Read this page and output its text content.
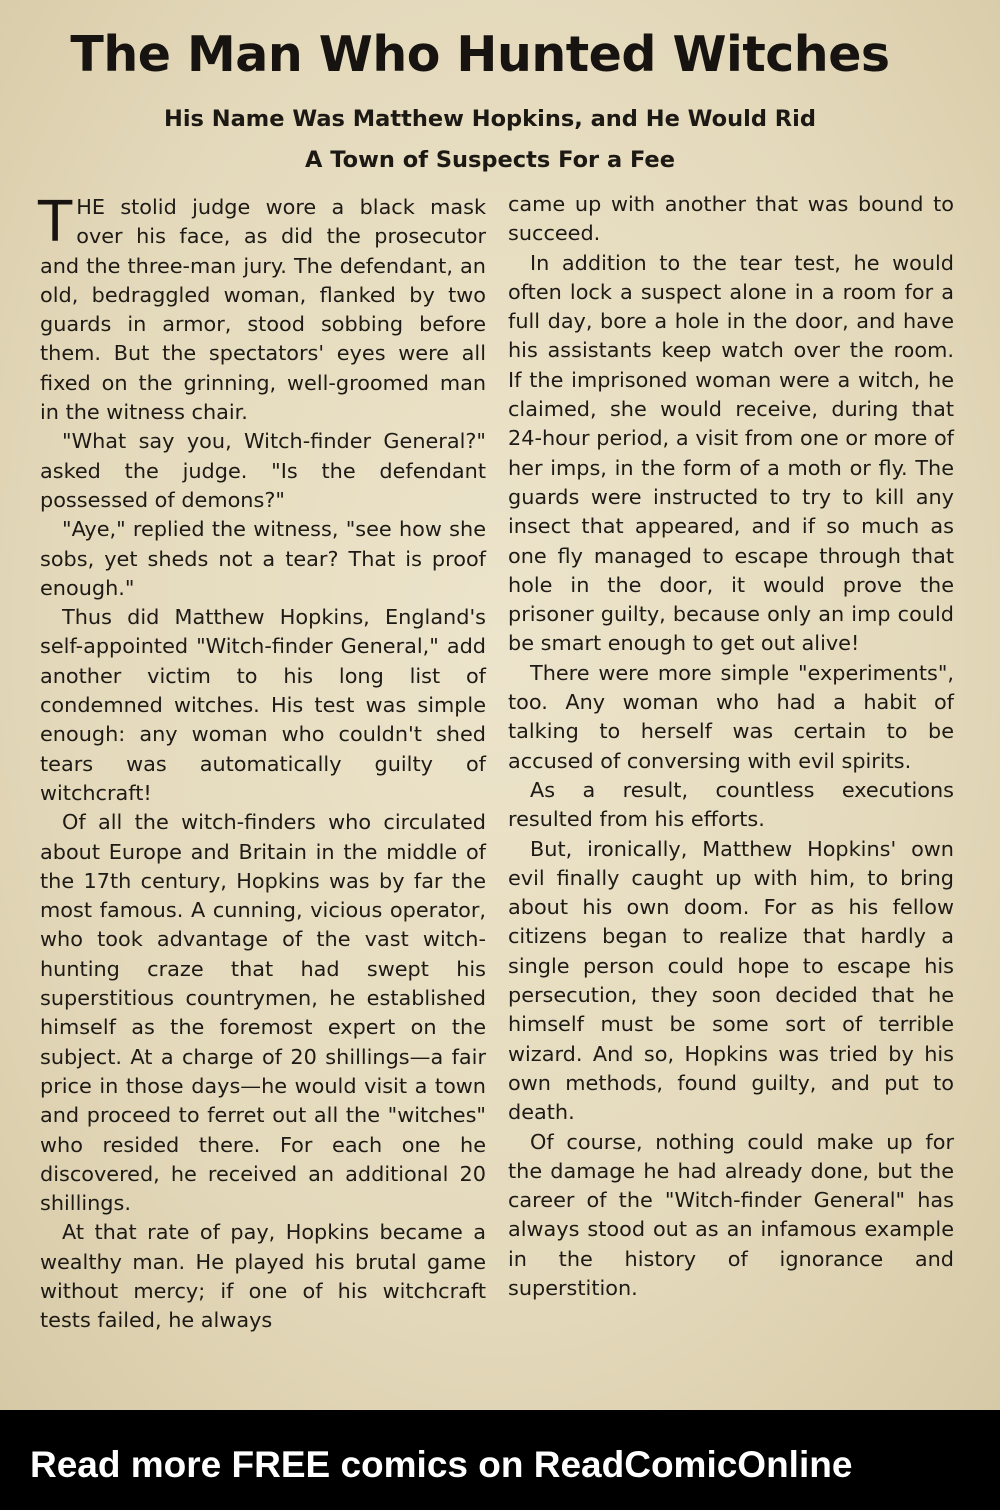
The Man Who Hunted Witches
His Name Was Matthew Hopkins, and He Would Rid
A Town of Suspects For a Fee

THE stolid judge wore a black mask over his face, as did the prosecutor and the three-man jury. The defendant, an old, bedraggled woman, flanked by two guards in armor, stood sobbing before them. But the spectators' eyes were all fixed on the grinning, well-groomed man in the witness chair.

"What say you, Witch-finder General?" asked the judge. "Is the defendant possessed of demons?"

"Aye," replied the witness, "see how she sobs, yet sheds not a tear? That is proof enough."

Thus did Matthew Hopkins, England's self-appointed "Witch-finder General," add another victim to his long list of condemned witches. His test was simple enough: any woman who couldn't shed tears was automatically guilty of witchcraft!

Of all the witch-finders who circulated about Europe and Britain in the middle of the 17th century, Hopkins was by far the most famous. A cunning, vicious operator, who took advantage of the vast witch-hunting craze that had swept his superstitious countrymen, he established himself as the foremost expert on the subject. At a charge of 20 shillings—a fair price in those days—he would visit a town and proceed to ferret out all the "witches" who resided there. For each one he discovered, he received an additional 20 shillings.

At that rate of pay, Hopkins became a wealthy man. He played his brutal game without mercy; if one of his witchcraft tests failed, he always

came up with another that was bound to succeed.

In addition to the tear test, he would often lock a suspect alone in a room for a full day, bore a hole in the door, and have his assistants keep watch over the room. If the imprisoned woman were a witch, he claimed, she would receive, during that 24-hour period, a visit from one or more of her imps, in the form of a moth or fly. The guards were instructed to try to kill any insect that appeared, and if so much as one fly managed to escape through that hole in the door, it would prove the prisoner guilty, because only an imp could be smart enough to get out alive!

There were more simple "experiments", too. Any woman who had a habit of talking to herself was certain to be accused of conversing with evil spirits.

As a result, countless executions resulted from his efforts.

But, ironically, Matthew Hopkins' own evil finally caught up with him, to bring about his own doom. For as his fellow citizens began to realize that hardly a single person could hope to escape his persecution, they soon decided that he himself must be some sort of terrible wizard. And so, Hopkins was tried by his own methods, found guilty, and put to death.

Of course, nothing could make up for the damage he had already done, but the career of the "Witch-finder General" has always stood out as an infamous example in the history of ignorance and superstition.

Read more FREE comics on ReadComicOnline
